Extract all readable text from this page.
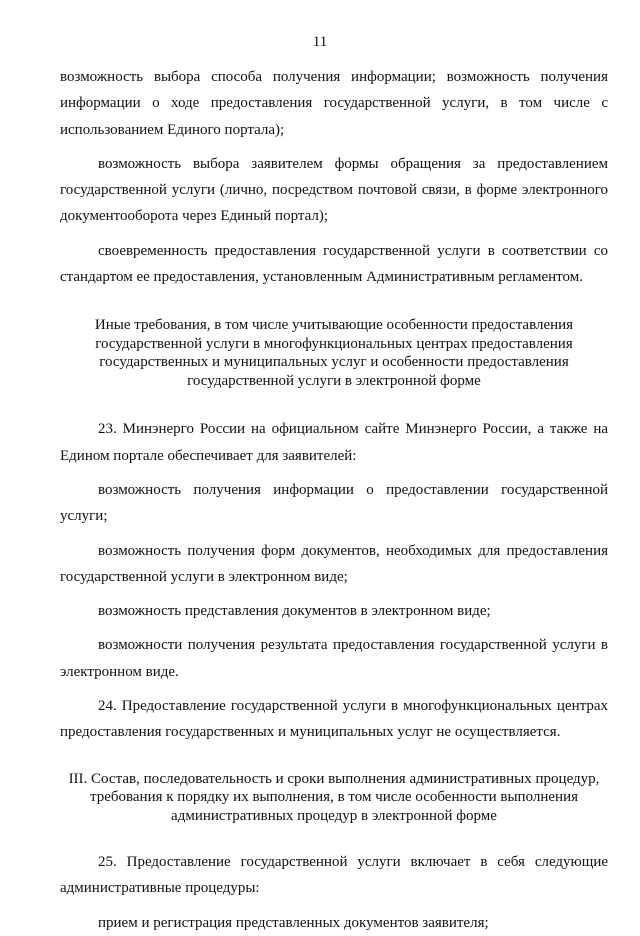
11

возможность выбора способа получения информации; возможность получения информации о ходе предоставления государственной услуги, в том числе с использованием Единого портала);

возможность выбора заявителем формы обращения за предоставлением государственной услуги (лично, посредством почтовой связи, в форме электронного документооборота через Единый портал);

своевременность предоставления государственной услуги в соответствии со стандартом ее предоставления, установленным Административным регламентом.

Иные требования, в том числе учитывающие особенности предоставления государственной услуги в многофункциональных центрах предоставления государственных и муниципальных услуг и особенности предоставления государственной услуги в электронной форме

23. Минэнерго России на официальном сайте Минэнерго России, а также на Едином портале обеспечивает для заявителей:

возможность получения информации о предоставлении государственной услуги;

возможность получения форм документов, необходимых для предоставления государственной услуги в электронном виде;

возможность представления документов в электронном виде;

возможности получения результата предоставления государственной услуги в электронном виде.

24. Предоставление государственной услуги в многофункциональных центрах предоставления государственных и муниципальных услуг не осуществляется.

III. Состав, последовательность и сроки выполнения административных процедур, требования к порядку их выполнения, в том числе особенности выполнения административных процедур в электронной форме

25. Предоставление государственной услуги включает в себя следующие административные процедуры:

прием и регистрация представленных документов заявителя;
